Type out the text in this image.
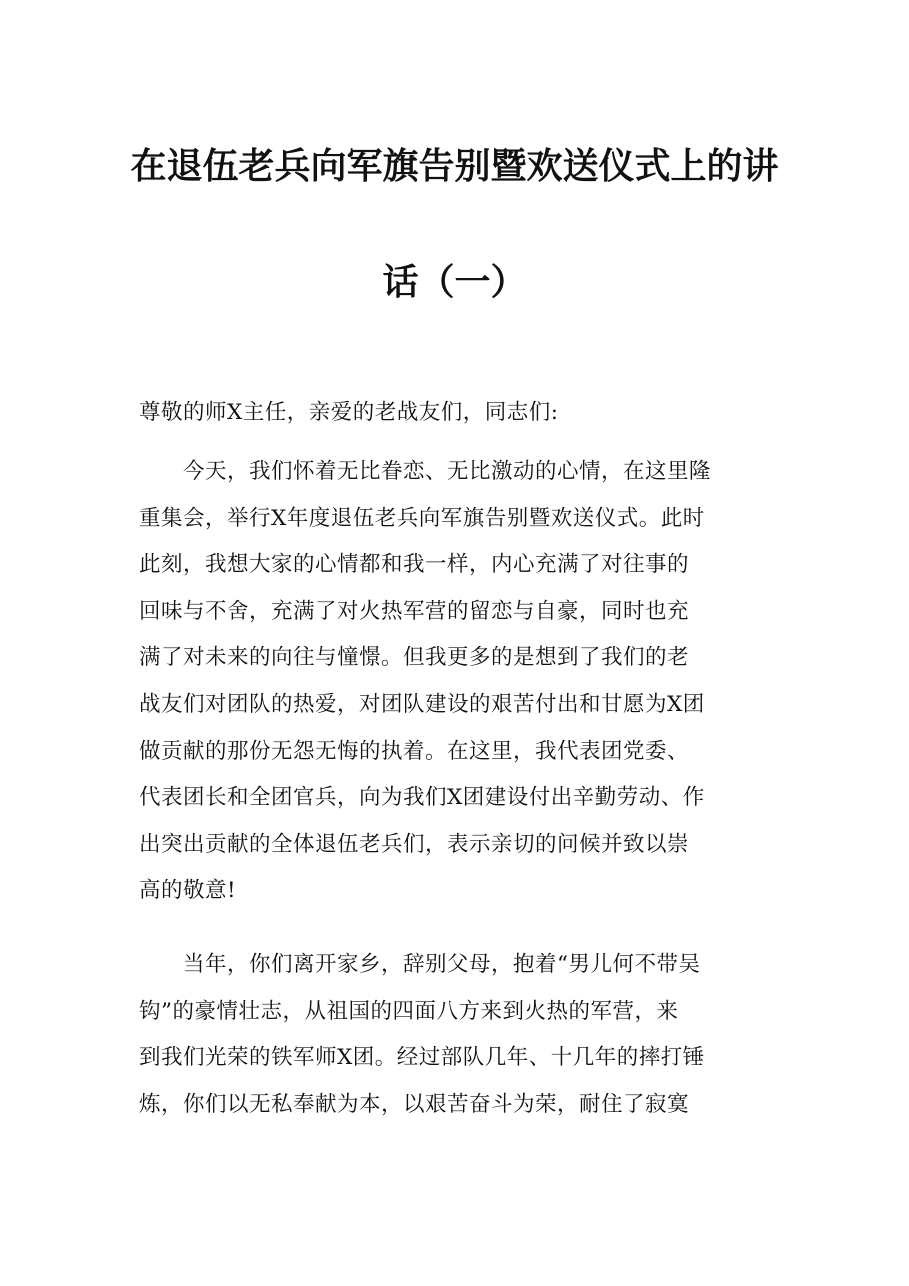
在退伍老兵向军旗告别暨欢送仪式上的讲
话（一）

尊敬的师X主任，亲爱的老战友们，同志们:

　　今天，我们怀着无比眷恋、无比激动的心情，在这里隆
重集会，举行X年度退伍老兵向军旗告别暨欢送仪式。此时
此刻，我想大家的心情都和我一样，内心充满了对往事的
回味与不舍，充满了对火热军营的留恋与自豪，同时也充
满了对未来的向往与憧憬。但我更多的是想到了我们的老
战友们对团队的热爱，对团队建设的艰苦付出和甘愿为X团
做贡献的那份无怨无悔的执着。在这里，我代表团党委、
代表团长和全团官兵，向为我们X团建设付出辛勤劳动、作
出突出贡献的全体退伍老兵们，表示亲切的问候并致以崇
高的敬意!
　　当年，你们离开家乡，辞别父母，抱着“男儿何不带吴
钩”的豪情壮志，从祖国的四面八方来到火热的军营，来
到我们光荣的铁军师X团。经过部队几年、十几年的摔打锤
炼，你们以无私奉献为本，以艰苦奋斗为荣，耐住了寂寞
